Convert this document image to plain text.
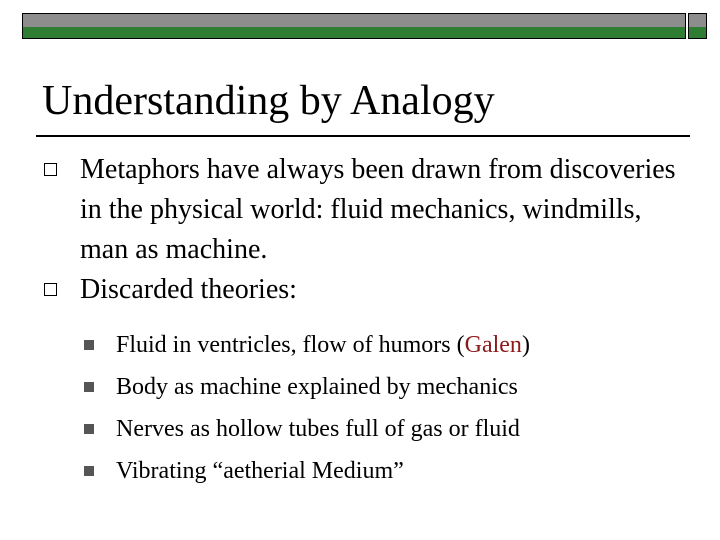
Understanding by Analogy
Metaphors have always been drawn from discoveries in the physical world: fluid mechanics, windmills, man as machine.
Discarded theories:
Fluid in ventricles, flow of humors (Galen)
Body as machine explained by mechanics
Nerves as hollow tubes full of gas or fluid
Vibrating “aetherial Medium”
